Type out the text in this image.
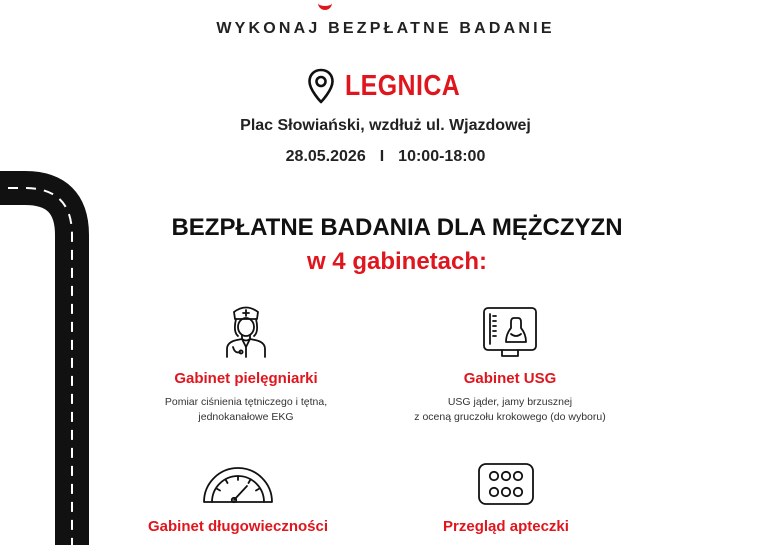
WYKONAJ BEZPŁATNE BADANIE
LEGNICA
Plac Słowiański, wzdłuż ul. Wjazdowej
28.05.2026 I 10:00-18:00
BEZPŁATNE BADANIA DLA MĘŻCZYZN
w 4 gabinetach:
Gabinet pielęgniarki
Pomiar ciśnienia tętniczego i tętna,
jednokanałowe EKG
Gabinet USG
USG jąder, jamy brzusznej
z oceną gruczołu krokowego (do wyboru)
Gabinet długowieczności	Przegląd apteczki
